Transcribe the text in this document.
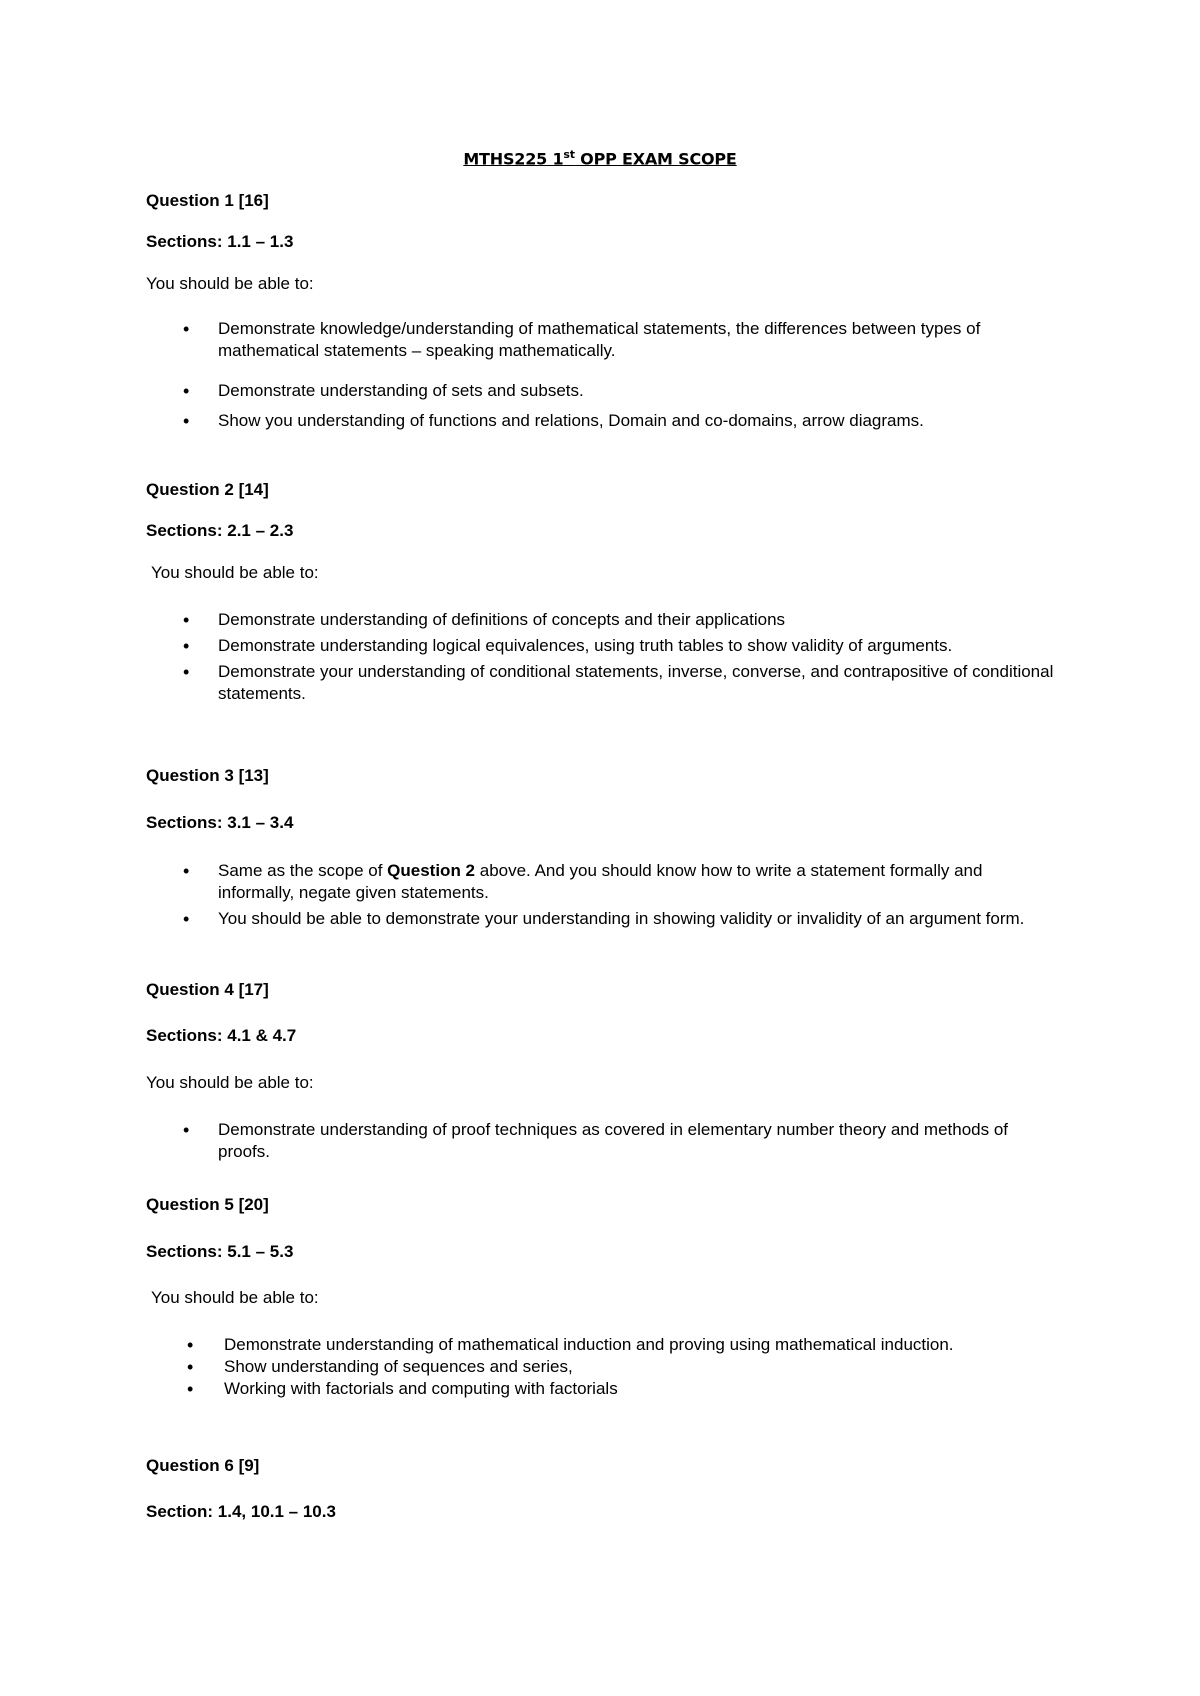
MTHS225 1st OPP EXAM SCOPE
Question 1 [16]
Sections: 1.1 – 1.3
You should be able to:
• Demonstrate knowledge/understanding of mathematical statements, the differences between types of mathematical statements – speaking mathematically.
• Demonstrate understanding of sets and subsets.
• Show you understanding of functions and relations, Domain and co-domains, arrow diagrams.
Question 2 [14]
Sections: 2.1 – 2.3
You should be able to:
• Demonstrate understanding of definitions of concepts and their applications
• Demonstrate understanding logical equivalences, using truth tables to show validity of arguments.
• Demonstrate your understanding of conditional statements, inverse, converse, and contrapositive of conditional statements.
Question 3 [13]
Sections: 3.1 – 3.4
• Same as the scope of Question 2 above. And you should know how to write a statement formally and informally, negate given statements.
• You should be able to demonstrate your understanding in showing validity or invalidity of an argument form.
Question 4 [17]
Sections: 4.1 & 4.7
You should be able to:
• Demonstrate understanding of proof techniques as covered in elementary number theory and methods of proofs.
Question 5 [20]
Sections: 5.1 – 5.3
You should be able to:
• Demonstrate understanding of mathematical induction and proving using mathematical induction.
• Show understanding of sequences and series,
• Working with factorials and computing with factorials
Question 6 [9]
Section: 1.4, 10.1 – 10.3
